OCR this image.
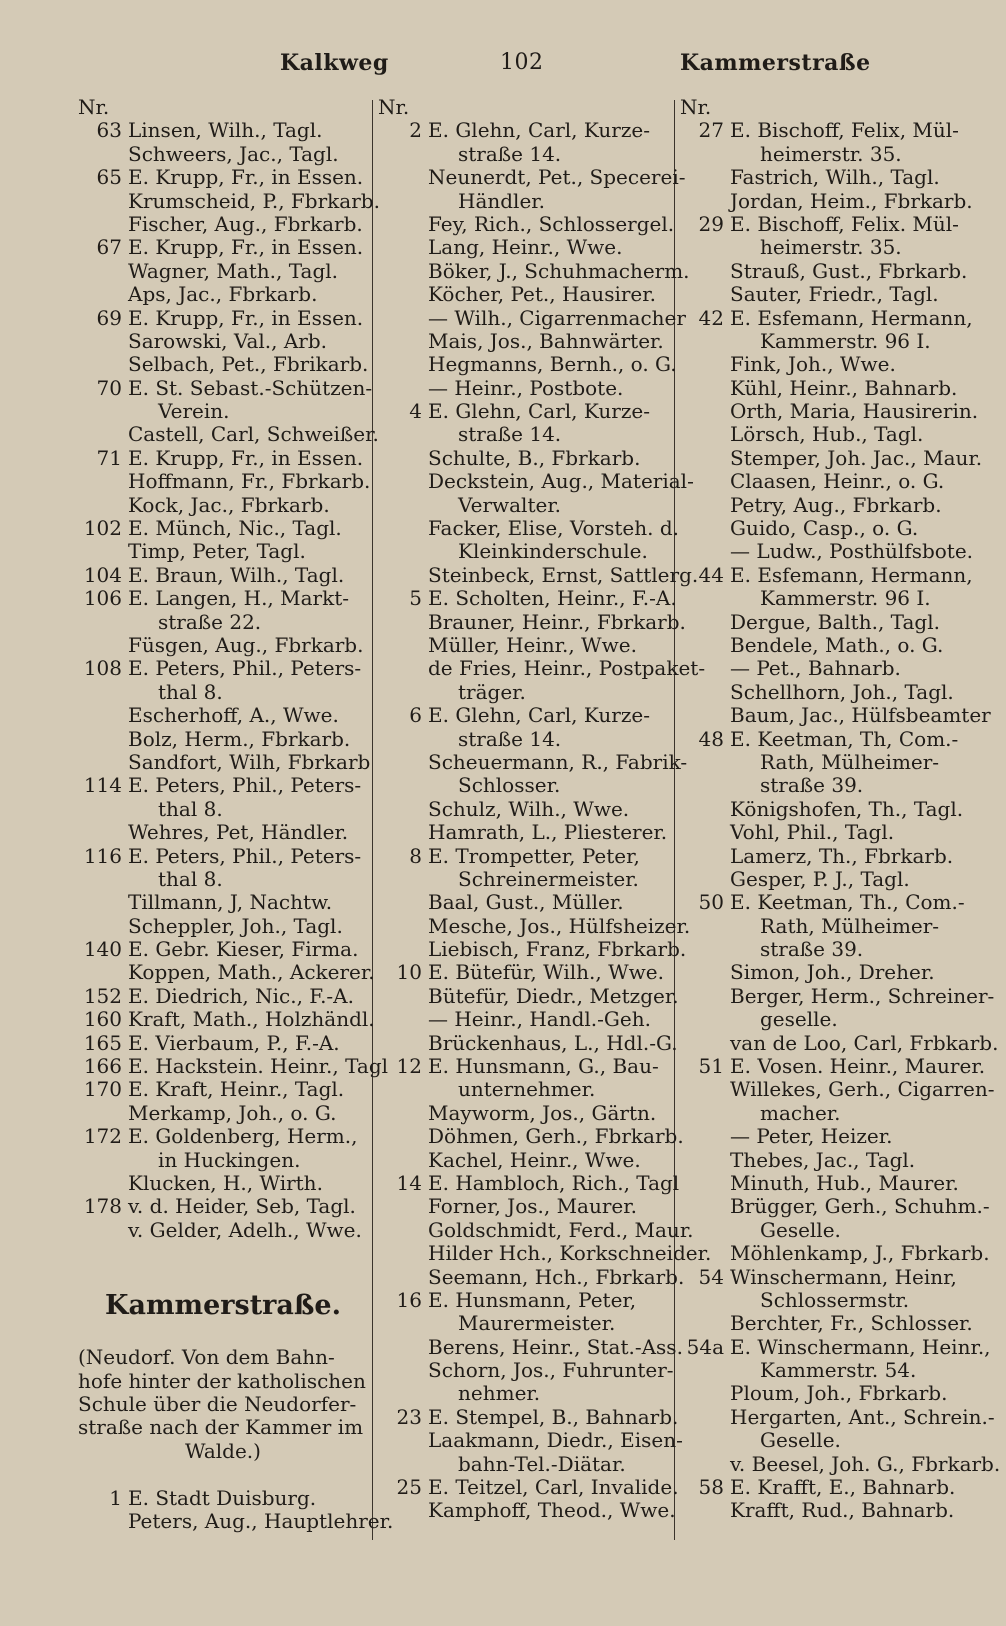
Kalkweg	102	Kammerstraße
Nr.
63 Linsen, Wilh., Tagl.
Schweers, Jac., Tagl.
65 E. Krupp, Fr., in Essen.
Krumscheid, P., Fbrkarb.
Fischer, Aug., Fbrkarb.
67 E. Krupp, Fr., in Essen.
Wagner, Math., Tagl.
Aps, Jac., Fbrkarb.
69 E. Krupp, Fr., in Essen.
Sarowski, Val., Arb.
Selbach, Pet., Fbrikarb.
70 E. St. Sebast.-Schützen-
Verein.
Castell, Carl, Schweißer.
71 E. Krupp, Fr., in Essen.
Hoffmann, Fr., Fbrkarb.
Kock, Jac., Fbrkarb.
102 E. Münch, Nic., Tagl.
Timp, Peter, Tagl.
104 E. Braun, Wilh., Tagl.
106 E. Langen, H., Markt-
straße 22.
Füsgen, Aug., Fbrkarb.
108 E. Peters, Phil., Peters-
thal 8.
Escherhoff, A., Wwe.
Bolz, Herm., Fbrkarb.
Sandfort, Wilh, Fbrkarb
114 E. Peters, Phil., Peters-
thal 8.
Wehres, Pet, Händler.
116 E. Peters, Phil., Peters-
thal 8.
Tillmann, J, Nachtw.
Scheppler, Joh., Tagl.
140 E. Gebr. Kieser, Firma.
Koppen, Math., Ackerer.
152 E. Diedrich, Nic., F.-A.
160 Kraft, Math., Holzhändl.
165 E. Vierbaum, P., F.-A.
166 E. Hackstein. Heinr., Tagl
170 E. Kraft, Heinr., Tagl.
Merkamp, Joh., o. G.
172 E. Goldenberg, Herm.,
in Huckingen.
Klucken, H., Wirth.
178 v. d. Heider, Seb, Tagl.
v. Gelder, Adelh., Wwe.
Kammerstraße.
(Neudorf. Von dem Bahn-
hofe hinter der katholischen
Schule über die Neudorfer-
straße nach der Kammer im
Walde.)
1 E. Stadt Duisburg.
Peters, Aug., Hauptlehrer.
Nr.
2 E. Glehn, Carl, Kurze-
straße 14.
Neunerdt, Pet., Specerei-
Händler.
Fey, Rich., Schlossergel.
Lang, Heinr., Wwe.
Böker, J., Schuhmacherm.
Köcher, Pet., Hausirer.
— Wilh., Cigarrenmacher
Mais, Jos., Bahnwärter.
Hegmanns, Bernh., o. G.
— Heinr., Postbote.
4 E. Glehn, Carl, Kurze-
straße 14.
Schulte, B., Fbrkarb.
Deckstein, Aug., Material-
Verwalter.
Facker, Elise, Vorsteh. d.
Kleinkinderschule.
Steinbeck, Ernst, Sattlerg.
5 E. Scholten, Heinr., F.-A.
Brauner, Heinr., Fbrkarb.
Müller, Heinr., Wwe.
de Fries, Heinr., Postpaket-
träger.
6 E. Glehn, Carl, Kurze-
straße 14.
Scheuermann, R., Fabrik-
Schlosser.
Schulz, Wilh., Wwe.
Hamrath, L., Pliesterer.
8 E. Trompetter, Peter,
Schreinermeister.
Baal, Gust., Müller.
Mesche, Jos., Hülfsheizer.
Liebisch, Franz, Fbrkarb.
10 E. Bütefür, Wilh., Wwe.
Bütefür, Diedr., Metzger.
— Heinr., Handl.-Geh.
Brückenhaus, L., Hdl.-G.
12 E. Hunsmann, G., Bau-
unternehmer.
Mayworm, Jos., Gärtn.
Döhmen, Gerh., Fbrkarb.
Kachel, Heinr., Wwe.
14 E. Hambloch, Rich., Tagl
Forner, Jos., Maurer.
Goldschmidt, Ferd., Maur.
Hilder Hch., Korkschneider.
Seemann, Hch., Fbrkarb.
16 E. Hunsmann, Peter,
Maurermeister.
Berens, Heinr., Stat.-Ass.
Schorn, Jos., Fuhrunter-
nehmer.
23 E. Stempel, B., Bahnarb.
Laakmann, Diedr., Eisen-
bahn-Tel.-Diätar.
25 E. Teitzel, Carl, Invalide.
Kamphoff, Theod., Wwe.
Nr.
27 E. Bischoff, Felix, Mül-
heimerstr. 35.
Fastrich, Wilh., Tagl.
Jordan, Heim., Fbrkarb.
29 E. Bischoff, Felix. Mül-
heimerstr. 35.
Strauß, Gust., Fbrkarb.
Sauter, Friedr., Tagl.
42 E. Esfemann, Hermann,
Kammerstr. 96 I.
Fink, Joh., Wwe.
Kühl, Heinr., Bahnarb.
Orth, Maria, Hausirerin.
Lörsch, Hub., Tagl.
Stemper, Joh. Jac., Maur.
Claasen, Heinr., o. G.
Petry, Aug., Fbrkarb.
Guido, Casp., o. G.
— Ludw., Posthülfsbote.
44 E. Esfemann, Hermann,
Kammerstr. 96 I.
Dergue, Balth., Tagl.
Bendele, Math., o. G.
— Pet., Bahnarb.
Schellhorn, Joh., Tagl.
Baum, Jac., Hülfsbeamter
48 E. Keetman, Th, Com.-
Rath, Mülheimer-
straße 39.
Königshofen, Th., Tagl.
Vohl, Phil., Tagl.
Lamerz, Th., Fbrkarb.
Gesper, P. J., Tagl.
50 E. Keetman, Th., Com.-
Rath, Mülheimer-
straße 39.
Simon, Joh., Dreher.
Berger, Herm., Schreiner-
geselle.
van de Loo, Carl, Frbkarb.
51 E. Vosen. Heinr., Maurer.
Willekes, Gerh., Cigarren-
macher.
— Peter, Heizer.
Thebes, Jac., Tagl.
Minuth, Hub., Maurer.
Brügger, Gerh., Schuhm.-
Geselle.
Möhlenkamp, J., Fbrkarb.
54 Winschermann, Heinr,
Schlossermstr.
Berchter, Fr., Schlosser.
54a E. Winschermann, Heinr.,
Kammerstr. 54.
Ploum, Joh., Fbrkarb.
Hergarten, Ant., Schrein.-
Geselle.
v. Beesel, Joh. G., Fbrkarb.
58 E. Krafft, E., Bahnarb.
Krafft, Rud., Bahnarb.
